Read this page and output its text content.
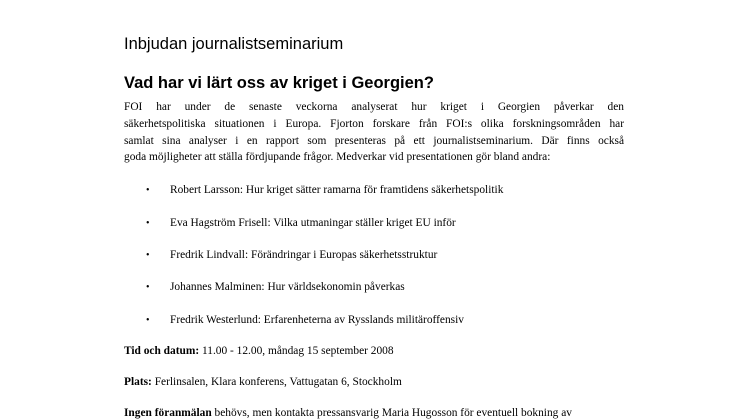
Inbjudan journalistseminarium
Vad har vi lärt oss av kriget i Georgien?
FOI har under de senaste veckorna analyserat hur kriget i Georgien påverkar den
säkerhetspolitiska situationen i Europa. Fjorton forskare från FOI:s olika forskningsområden har
samlat sina analyser i en rapport som presenteras på ett journalistseminarium. Där finns också
goda möjligheter att ställa fördjupande frågor. Medverkar vid presentationen gör bland andra:
• Robert Larsson: Hur kriget sätter ramarna för framtidens säkerhetspolitik
• Eva Hagström Frisell: Vilka utmaningar ställer kriget EU inför
• Fredrik Lindvall: Förändringar i Europas säkerhetsstruktur
• Johannes Malminen: Hur världsekonomin påverkas
• Fredrik Westerlund: Erfarenheterna av Rysslands militäroffensiv

Tid och datum: 11.00 - 12.00, måndag 15 september 2008

Plats: Ferlinsalen, Klara konferens, Vattugatan 6, Stockholm

Ingen föranmälan behövs, men kontakta pressansvarig Maria Hugosson för eventuell bokning av
